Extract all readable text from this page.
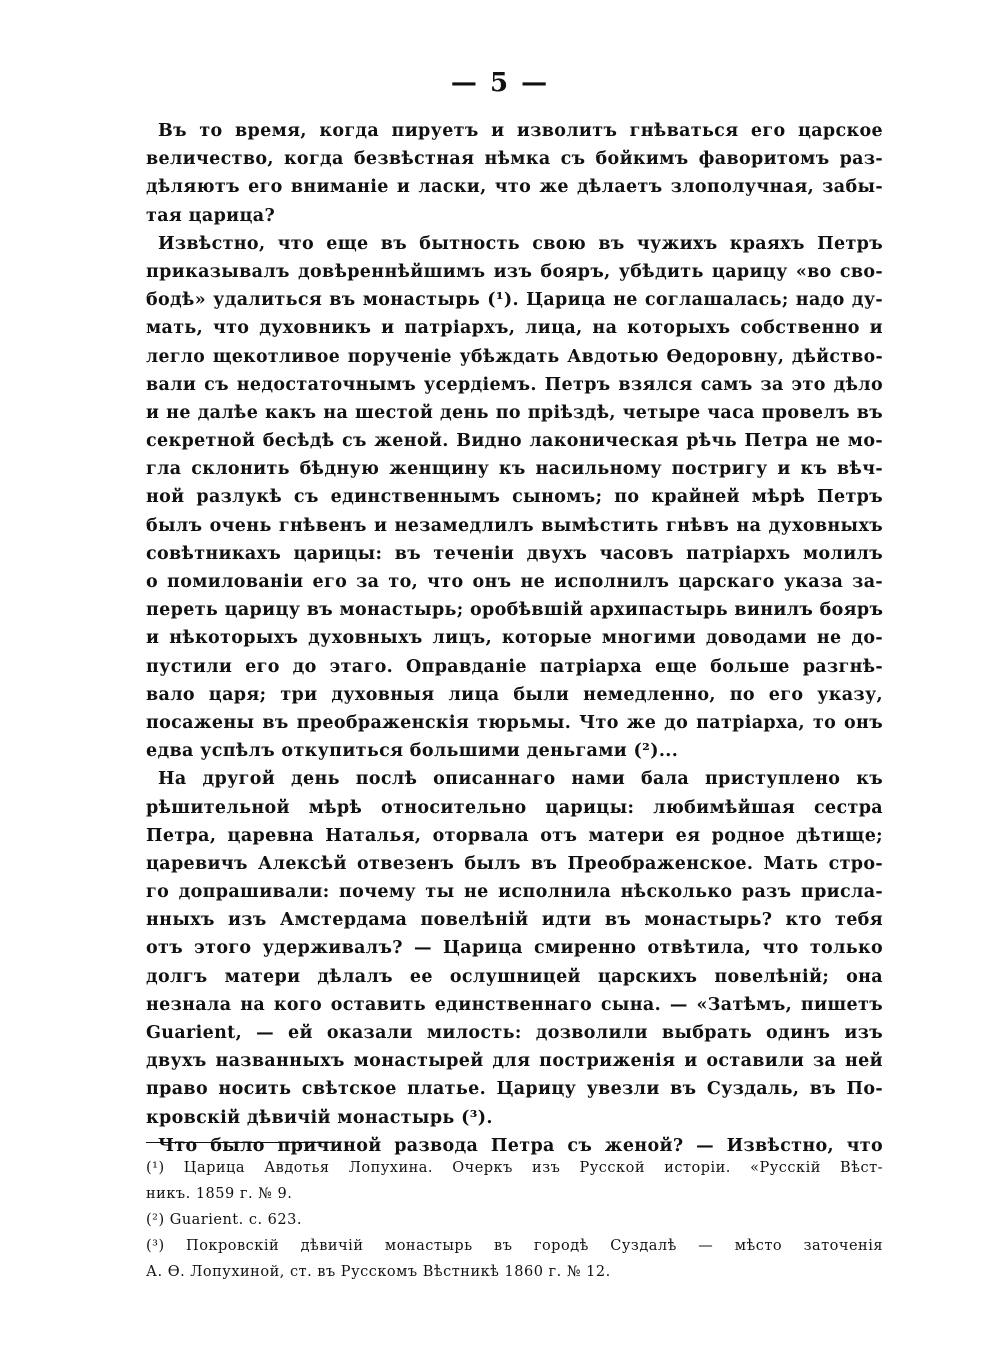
— 5 —
Въ то время, когда пируетъ и изволитъ гнѣваться его царское
величество, когда безвѣстная нѣмка съ бойкимъ фаворитомъ раз-
дѣляютъ его вниманіе и ласки, что же дѣлаетъ злополучная, забы-
тая царица?
Извѣстно, что еще въ бытность свою въ чужихъ краяхъ Петръ
приказывалъ довѣреннѣйшимъ изъ бояръ, убѣдить царицу «во сво-
бодѣ» удалиться въ монастырь (¹). Царица не соглашалась; надо ду-
мать, что духовникъ и патріархъ, лица, на которыхъ собственно и
легло щекотливое порученіе убѣждать Авдотью Ѳедоровну, дѣйство-
вали съ недостаточнымъ усердіемъ. Петръ взялся самъ за это дѣло
и не далѣе какъ на шестой день по пріѣздѣ, четыре часа провелъ въ
секретной бесѣдѣ съ женой. Видно лаконическая рѣчь Петра не мо-
гла склонить бѣдную женщину къ насильному постригу и къ вѣч-
ной разлукѣ съ единственнымъ сыномъ; по крайней мѣрѣ Петръ
былъ очень гнѣвенъ и незамедлилъ вымѣстить гнѣвъ на духовныхъ
совѣтникахъ царицы: въ теченіи двухъ часовъ патріархъ молилъ
о помилованіи его за то, что онъ не исполнилъ царскаго указа за-
переть царицу въ монастырь; оробѣвшій архипастырь винилъ бояръ
и нѣкоторыхъ духовныхъ лицъ, которые многими доводами не до-
пустили его до этаго. Оправданіе патріарха еще больше разгнѣ-
вало царя; три духовныя лица были немедленно, по его указу,
посажены въ преображенскія тюрьмы. Что же до патріарха, то онъ
едва успѣлъ откупиться большими деньгами (²)...
На другой день послѣ описаннаго нами бала приступлено къ
рѣшительной мѣрѣ относительно царицы: любимѣйшая сестра
Петра, царевна Наталья, оторвала отъ матери ея родное дѣтище;
царевичъ Алексѣй отвезенъ былъ въ Преображенское. Мать стро-
го допрашивали: почему ты не исполнила нѣсколько разъ присла-
нныхъ изъ Амстердама повелѣній идти въ монастырь? кто тебя
отъ этого удерживалъ? — Царица смиренно отвѣтила, что только
долгъ матери дѣлалъ ее ослушницей царскихъ повелѣній; она
незнала на кого оставить единственнаго сына. — «Затѣмъ, пишетъ
Guarient, — ей оказали милость: дозволили выбрать одинъ изъ
двухъ названныхъ монастырей для постриженія и оставили за ней
право носить свѣтское платье. Царицу увезли въ Суздаль, въ По-
кровскій дѣвичій монастырь (³).
Что было причиной развода Петра съ женой? — Извѣстно, что
(¹) Царица Авдотья Лопухина. Очеркъ изъ Русской исторіи. «Русскій Вѣст-
никъ. 1859 г. № 9.
(²) Guarient. с. 623.
(³) Покровскій дѣвичій монастырь въ городѣ Суздалѣ — мѣсто заточенія
А. Ѳ. Лопухиной, ст. въ Русскомъ Вѣстникѣ 1860 г. № 12.
